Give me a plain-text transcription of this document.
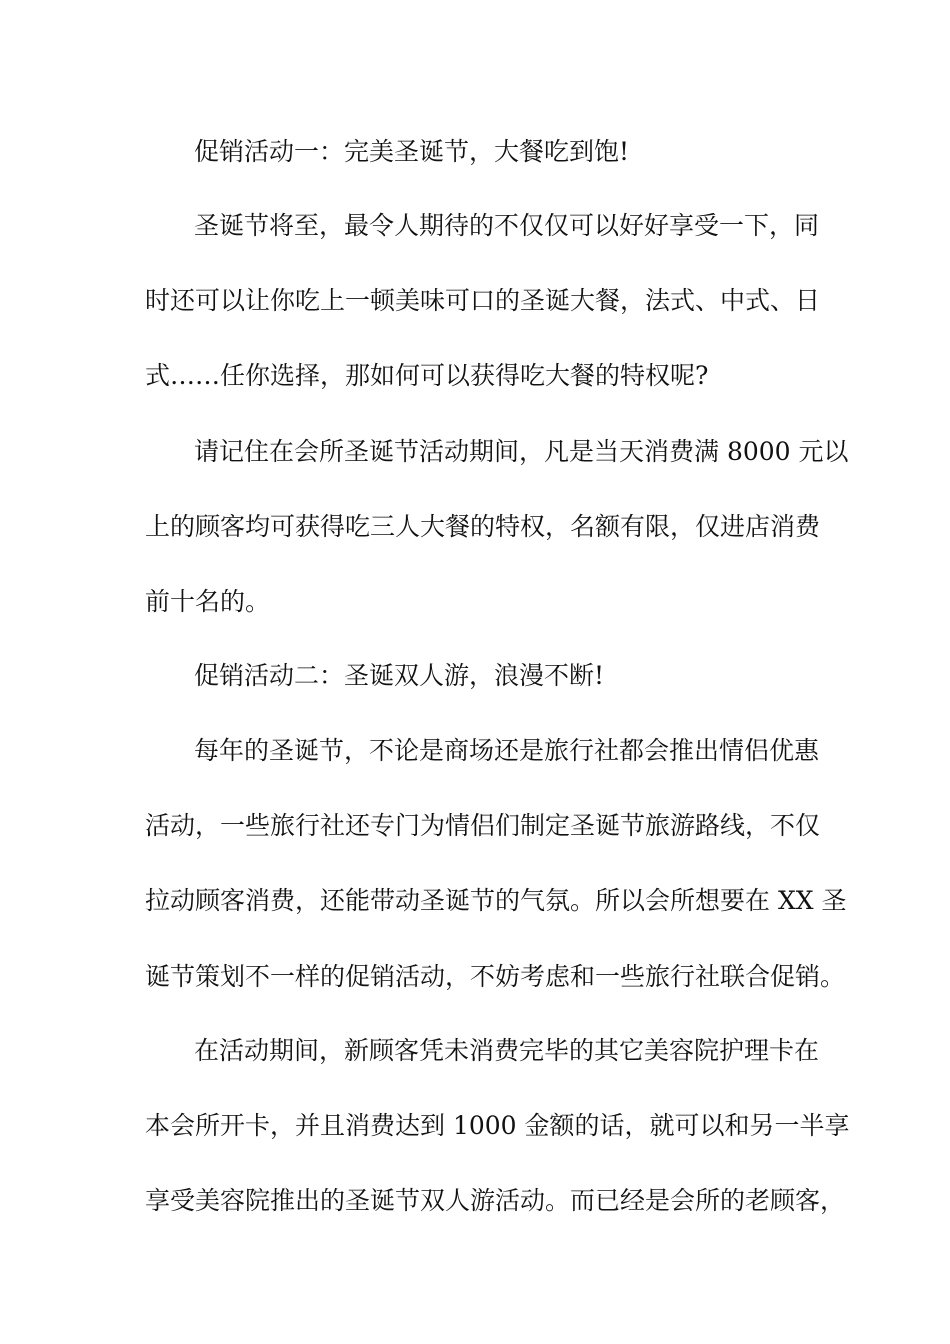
促销活动一：完美圣诞节，大餐吃到饱!
圣诞节将至，最令人期待的不仅仅可以好好享受一下，同
时还可以让你吃上一顿美味可口的圣诞大餐，法式、中式、日
式……任你选择，那如何可以获得吃大餐的特权呢?
请记住在会所圣诞节活动期间，凡是当天消费满 8000 元以
上的顾客均可获得吃三人大餐的特权，名额有限，仅进店消费
前十名的。
促销活动二：圣诞双人游，浪漫不断!
每年的圣诞节，不论是商场还是旅行社都会推出情侣优惠
活动，一些旅行社还专门为情侣们制定圣诞节旅游路线，不仅
拉动顾客消费，还能带动圣诞节的气氛。所以会所想要在 XX 圣
诞节策划不一样的促销活动，不妨考虑和一些旅行社联合促销。
在活动期间，新顾客凭未消费完毕的其它美容院护理卡在
本会所开卡，并且消费达到 1000 金额的话，就可以和另一半享
享受美容院推出的圣诞节双人游活动。而已经是会所的老顾客，
